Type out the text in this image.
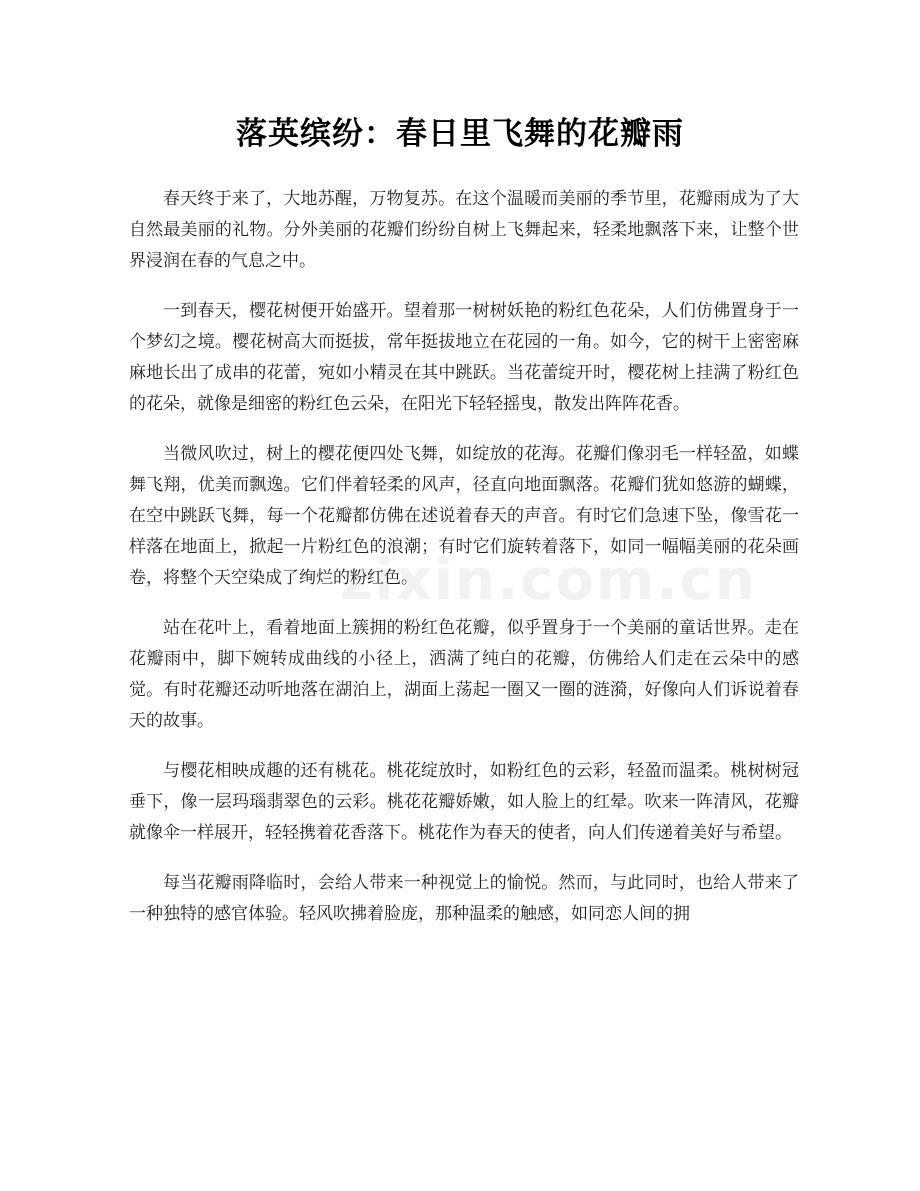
落英缤纷：春日里飞舞的花瓣雨
zixin.com.cn

春天终于来了，大地苏醒，万物复苏。在这个温暖而美丽的季节里，花瓣雨成为了大自然最美丽的礼物。分外美丽的花瓣们纷纷自树上飞舞起来，轻柔地飘落下来，让整个世界浸润在春的气息之中。

一到春天，樱花树便开始盛开。望着那一树树妖艳的粉红色花朵，人们仿佛置身于一个梦幻之境。樱花树高大而挺拔，常年挺拔地立在花园的一角。如今，它的树干上密密麻麻地长出了成串的花蕾，宛如小精灵在其中跳跃。当花蕾绽开时，樱花树上挂满了粉红色的花朵，就像是细密的粉红色云朵，在阳光下轻轻摇曳，散发出阵阵花香。

当微风吹过，树上的樱花便四处飞舞，如绽放的花海。花瓣们像羽毛一样轻盈，如蝶舞飞翔，优美而飘逸。它们伴着轻柔的风声，径直向地面飘落。花瓣们犹如悠游的蝴蝶，在空中跳跃飞舞，每一个花瓣都仿佛在述说着春天的声音。有时它们急速下坠，像雪花一样落在地面上，掀起一片粉红色的浪潮；有时它们旋转着落下，如同一幅幅美丽的花朵画卷，将整个天空染成了绚烂的粉红色。

站在花叶上，看着地面上簇拥的粉红色花瓣，似乎置身于一个美丽的童话世界。走在花瓣雨中，脚下婉转成曲线的小径上，洒满了纯白的花瓣，仿佛给人们走在云朵中的感觉。有时花瓣还动听地落在湖泊上，湖面上荡起一圈又一圈的涟漪，好像向人们诉说着春天的故事。

与樱花相映成趣的还有桃花。桃花绽放时，如粉红色的云彩，轻盈而温柔。桃树树冠垂下，像一层玛瑙翡翠色的云彩。桃花花瓣娇嫩，如人脸上的红晕。吹来一阵清风，花瓣就像伞一样展开，轻轻携着花香落下。桃花作为春天的使者，向人们传递着美好与希望。

每当花瓣雨降临时，会给人带来一种视觉上的愉悦。然而，与此同时，也给人带来了一种独特的感官体验。轻风吹拂着脸庞，那种温柔的触感，如同恋人间的拥
